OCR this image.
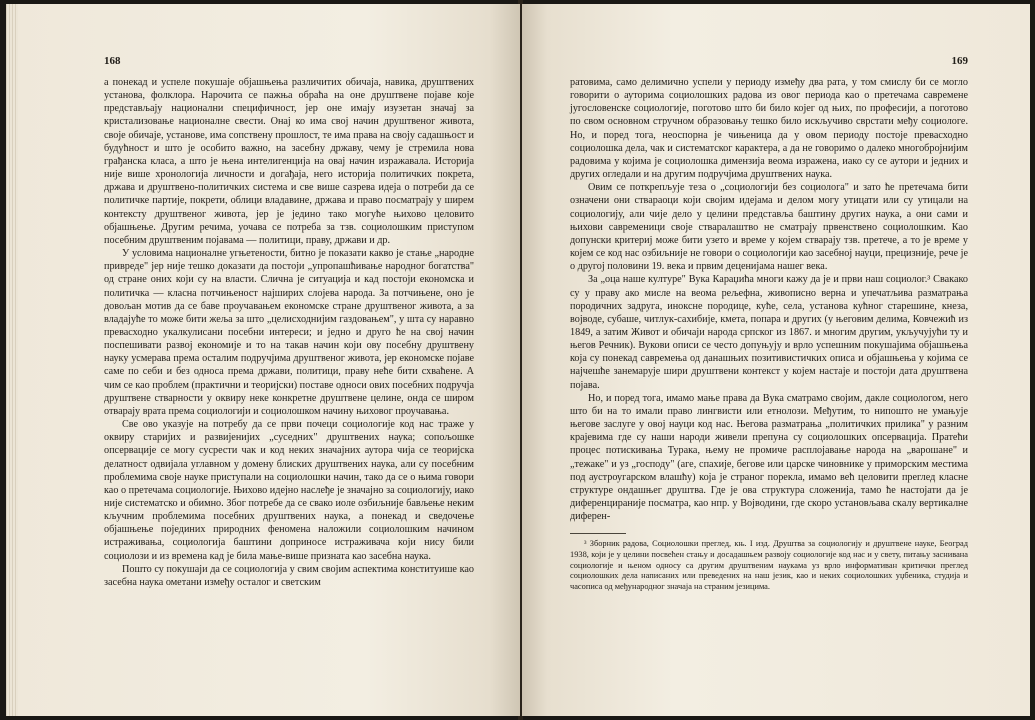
168

а понекад и успеле покушаје објашњења различитих обичаја, навика, друштвених установа, фолклора. Нарочита се пажња обраћа на оне друштвене појаве које представљају национални специфичност, јер оне имају изузетан значај за кристализовање националне свести. Онај ко има свој начин друштвеног живота, своје обичаје, установе, има сопствену прошлост, те има права на своју садашњост и будућност и што је особито важно, на засебну државу, чему је стремила нова грађанска класа, а што је њена интелигенција на овај начин изражавала. Историја није више хронологија личности и догађаја, него историја политичких покрета, држава и друштвено-политичких система и све више сазрева идеја о потреби да се политичке партије, покрети, облици владавине, држава и право посматрају у ширем контексту друштвеног живота, јер је једино тако могуће њихово целовито објашњење. Другим речима, уочава се потреба за тзв. социолошким приступом посебним друштвеним појавама — политици, праву, држави и др.

У условима националне угњетености, битно је показати какво је стање „народне привреде" јер није тешко доказати да постоји „упропашћивање народног богатства" од стране оних који су на власти. Слична је ситуација и кад постоји економска и политичка — класна потчињеност најширих слојева народа. За потчињене, оно је довољан мотив да се баве проучавањем економске стране друштвеног живота, а за владајуће то може бити жеља за што „целисходнијим газдовањем", у шта су наравно превасходно укалкулисани посебни интереси; и једно и друго ће на свој начин поспешивати развој економије и то на такав начин који ову посебну друштвену науку усмерава према осталим подручјима друштвеног живота, јер економске појаве саме по себи и без односа према држави, политици, праву неће бити схваћене. А чим се као проблем (практични и теоријски) поставе односи ових посебних подручја друштвене стварности у оквиру неке конкретне друштвене целине, онда се широм отварају врата према социологији и социолошком начину њиховог проучавања.

Све ово указује на потребу да се први почеци социологије код нас траже у оквиру старијих и развијенијих „суседних" друштвених наука; сопољошке опсервације се могу сусрести чак и код неких значајних аутора чија се теоријска делатност одвијала углавном у домену блиских друштвених наука, али су посебним проблемима своје науке приступали на социолошки начин, тако да се о њима говори као о претечама социологије. Њихово идејно наслеђе је значајно за социологију, иако није систематско и обимно. Због потребе да се свако иоле озбиљније бављење неким кључним проблемима посебних друштвених наука, а понекад и сведочење објашњење појединих природних феномена наложили социолошким начином истраживања, социологија баштини доприносе истраживача који нису били социолози и из времена кад је била мање-више призната као засебна наука.

Пошто су покушаји да се социологија у свим својим аспектима конституише као засебна наука ометани између осталог и светским

169

ратовима, само делимично успели у периоду између два рата, у том смислу би се могло говорити о ауторима социолошких радова из овог периода као о претечама савремене југословенске социологије, поготово што би било којег од њих, по професији, а поготово по свом основном стручном образовању тешко било искључиво сврстати међу социологе. Но, и поред тога, неоспорна је чињеница да у овом периоду постоје превасходно социолошка дела, чак и систематског карактера, а да не говоримо о далеко многобројнијим радовима у којима је социолошка димензија веома изражена, иако су се аутори и једних и других огледали и на другим подручјима друштвених наука.

Овим се поткрепљује теза о „социологији без социолога" и зато ће претечама бити означени они ствараоци који својим идејама и делом могу утицати или су утицали на социологију, али чије дело у целини представља баштину других наука, а они сами и њихови савременици своје стваралаштво не сматрају првенствено социолошким. Као допунски критериј може бити узето и време у којем стварају тзв. претече, а то је време у којем се код нас озбиљније не говори о социологији као засебној науци, прецизније, рече је о другој половини 19. века и првим деценијама нашег века.

За „оца наше културе" Вука Караџића многи кажу да је и први наш социолог.³ Свакако су у праву ако мисле на веома рељефна, живописно верна и упечатљива разматрања породичних задруга, иноксне породице, куће, села, установа кућног старешине, кнеза, војводе, субаше, читлук-сахибије, кмета, попара и других (у његовим делима, Ковчежић из 1849, а затим Живот и обичаји народа српског из 1867. и многим другим, укључујући ту и његов Речник). Вукови описи се често допуњују и врло успешним покушајима објашњења која су понекад савремења од данашњих позитивистичких описа и објашњења у којима се најчешће занемарује шири друштвени контекст у којем настаје и постоји дата друштвена појава.

Но, и поред тога, имамо мање права да Вука сматрамо својим, дакле социологом, него што би на то имали право лингвисти или етнолози. Међутим, то нипошто не умањује његове заслуге у овој науци код нас. Његова разматрања „политичких прилика" у разним крајевима где су наши народи живели препуна су социолошких опсервација. Пратећи процес потискивања Турака, њему не промиче расплојавање народа на „варошане" и „тежаке" и уз „господу" (аге, спахије, бегове или царске чиновнике у приморским местима под аустроугарском влашћу) која је страног порекла, имамо већ целовити преглед класне структуре ондашњег друштва. Где је ова структура сложенија, тамо ће настојати да је диференцираније посматра, као нпр. у Војводини, где скоро установљава скалу вертикалне диферен-

³ Зборник радова, Социолошки преглед, књ. I изд. Друштва за социологију и друштвене науке, Београд 1938, који је у целини посвећен стању и досадашњем развоју социологије код нас и у свету, питању заснивана социологије и њеном односу са другим друштвеним наукама уз врло информативан критички преглед социолошких дела написаних или преведених на наш језик, као и неких социолошких уџбеника, студија и часописа од међународног значаја на страним језицима.
